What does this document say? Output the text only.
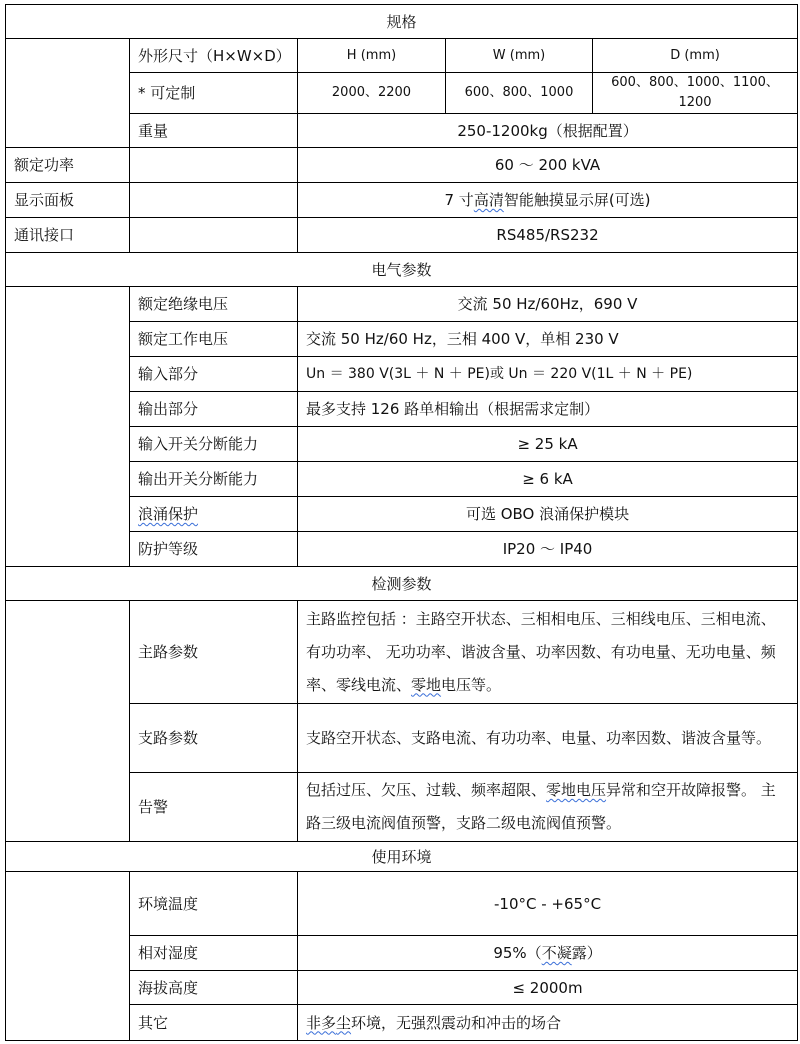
规格				
	外形尺寸（H×W×D）	H (mm)	W (mm)	D (mm)
	* 可定制	2000、2200	600、800、1000	600、800、1000、1100、1200
	重量	250-1200kg（根据配置）		
额定功率		60 ～ 200 kVA		
显示面板		7 寸高清智能触摸显示屏(可选)		
通讯接口		RS485/RS232		
电气参数				
	额定绝缘电压	交流 50 Hz/60Hz，690 V		
	额定工作电压	交流 50 Hz/60 Hz，三相 400 V，单相 230 V		
	输入部分	Un ＝ 380 V(3L ＋ N ＋ PE)或 Un ＝ 220 V(1L ＋ N ＋ PE)		
	输出部分	最多支持 126 路单相输出（根据需求定制）		
	输入开关分断能力	≥ 25 kA		
	输出开关分断能力	≥ 6 kA		
	浪涌保护	可选 OBO 浪涌保护模块		
	防护等级	IP20 ～ IP40		
检测参数				
	主路参数	主路监控包括 ：主路空开状态、三相相电压、三相线电压、三相电流、有功功率、 无功功率、谐波含量、功率因数、有功电量、无功电量、频率、零线电流、零地电压等。		
	支路参数	支路空开状态、支路电流、有功功率、电量、功率因数、谐波含量等。		
	告警	包括过压、欠压、过载、频率超限、零地电压异常和空开故障报警。 主路三级电流阀值预警，支路二级电流阀值预警。		
使用环境				
	环境温度	-10°C - +65°C		
	相对湿度	95%（不凝露）		
	海拔高度	≤ 2000m		
	其它	非多尘环境，无强烈震动和冲击的场合		
